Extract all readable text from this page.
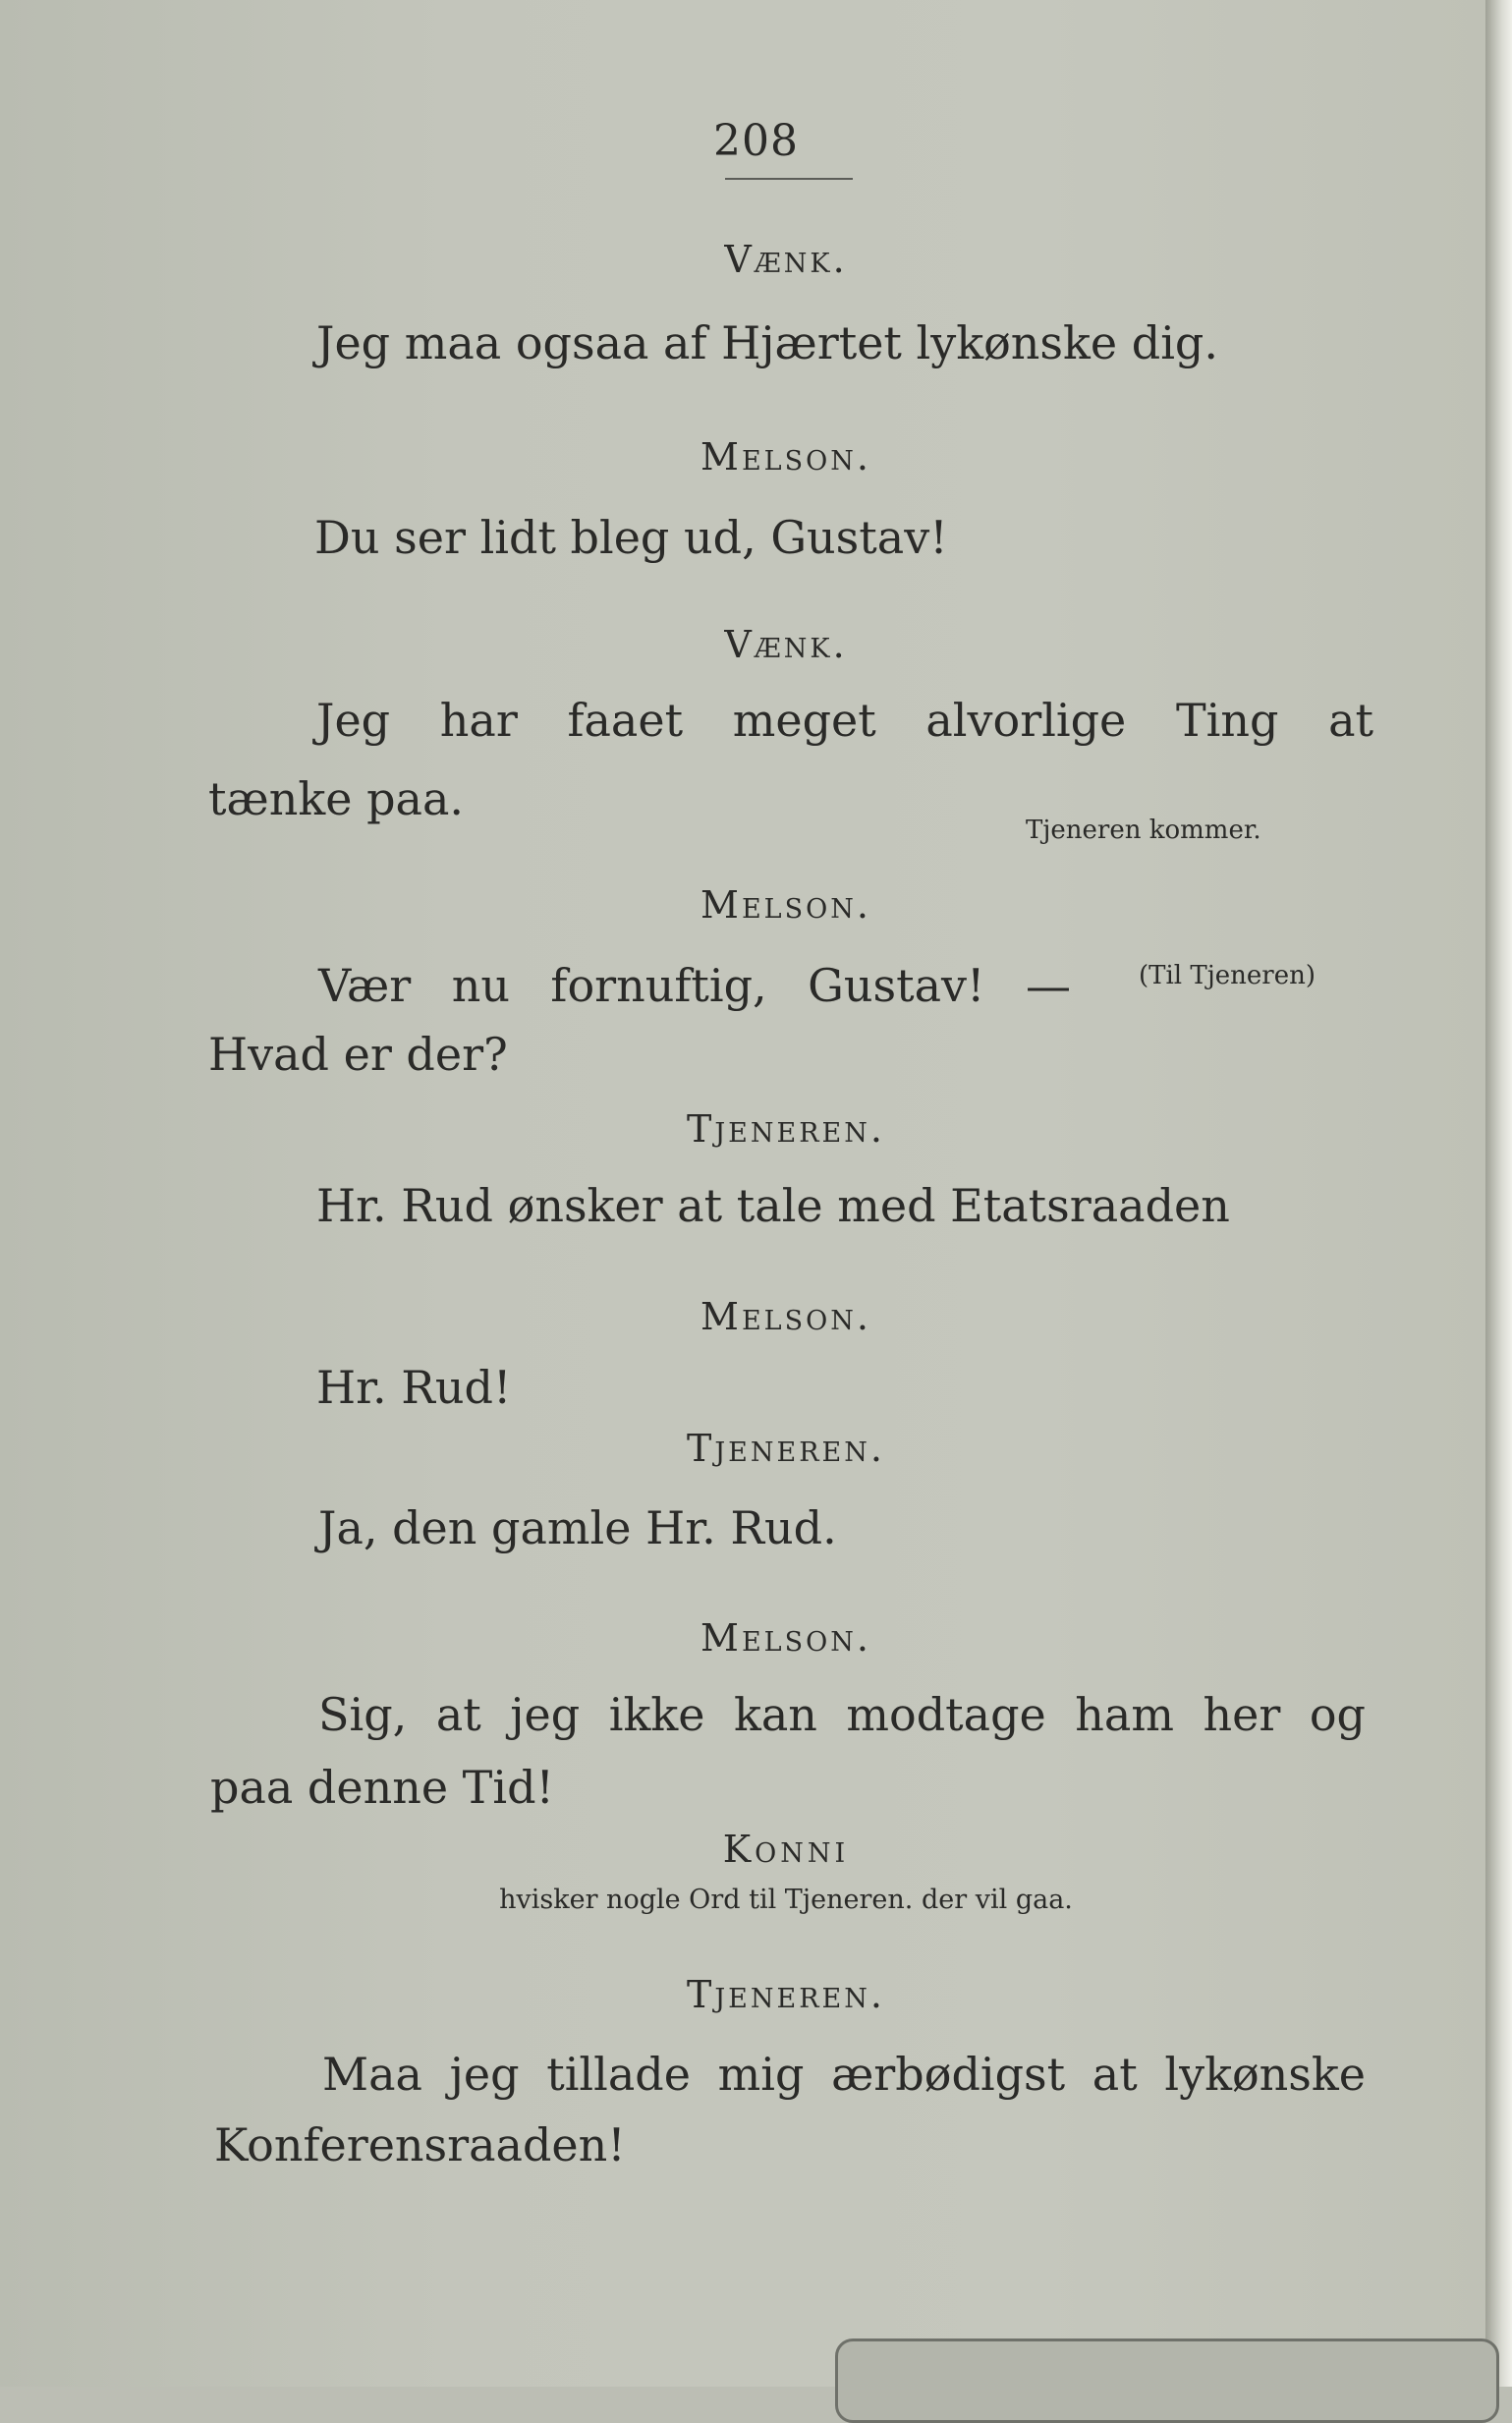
208
Vænk.
Jeg maa ogsaa af Hjærtet lykønske dig.
Melson.
Du ser lidt bleg ud, Gustav!
Vænk.
Jeg har faaet meget alvorlige Ting at
tænke paa.
Tjeneren kommer.
Melson.
Vær nu fornuftig, Gustav! —	(Til Tjeneren)
Hvad er der?
Tjeneren.
Hr. Rud ønsker at tale med Etatsraaden
Melson.
Hr. Rud!
Tjeneren.
Ja, den gamle Hr. Rud.
Melson.
Sig, at jeg ikke kan modtage ham her og
paa denne Tid!
Konni
hvisker nogle Ord til Tjeneren. der vil gaa.
Tjeneren.
Maa jeg tillade mig ærbødigst at lykønske
Konferensraaden!
